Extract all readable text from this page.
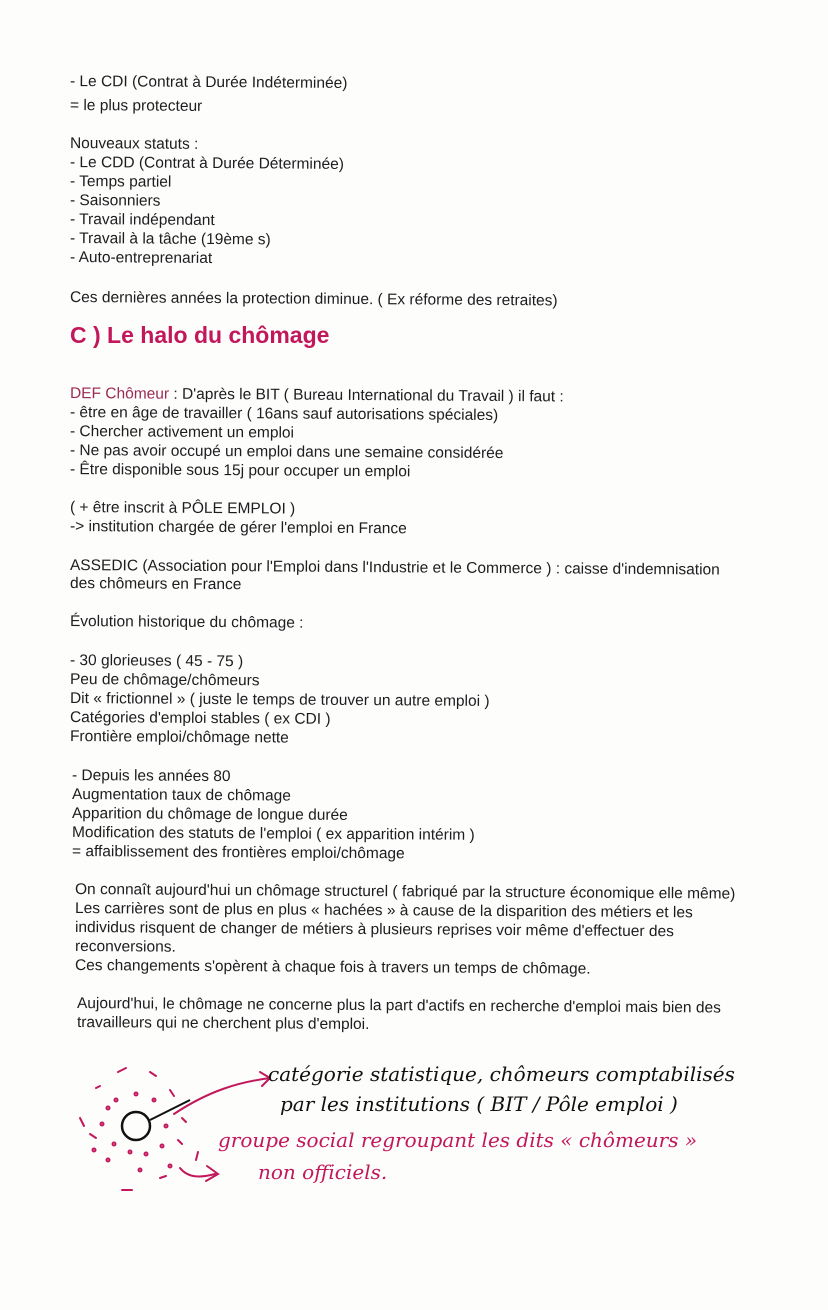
- Le CDI (Contrat à Durée Indéterminée)
= le plus protecteur
Nouveaux statuts :
- Le CDD (Contrat à Durée Déterminée)
- Temps partiel
- Saisonniers
- Travail indépendant
- Travail à la tâche (19ème s)
- Auto-entreprenariat
Ces dernières années la protection diminue. ( Ex réforme des retraites)
C ) Le halo du chômage
DEF Chômeur : D'après le BIT ( Bureau International du Travail ) il faut :
- être en âge de travailler ( 16ans sauf autorisations spéciales)
- Chercher activement un emploi
- Ne pas avoir occupé un emploi dans une semaine considérée
- Être disponible sous 15j pour occuper un emploi
( + être inscrit à PÔLE EMPLOI )
-> institution chargée de gérer l'emploi en France
ASSEDIC (Association pour l'Emploi dans l'Industrie et le Commerce ) : caisse d'indemnisation
des chômeurs en France
Évolution historique du chômage :
- 30 glorieuses ( 45 - 75 )
Peu de chômage/chômeurs
Dit « frictionnel » ( juste le temps de trouver un autre emploi )
Catégories d'emploi stables ( ex CDI )
Frontière emploi/chômage nette
- Depuis les années 80
Augmentation taux de chômage
Apparition du chômage de longue durée
Modification des statuts de l'emploi ( ex apparition intérim )
= affaiblissement des frontières emploi/chômage
On connaît aujourd'hui un chômage structurel ( fabriqué par la structure économique elle même)
Les carrières sont de plus en plus « hachées » à cause de la disparition des métiers et les
individus risquent de changer de métiers à plusieurs reprises voir même d'effectuer des
reconversions.
Ces changements s'opèrent à chaque fois à travers un temps de chômage.
Aujourd'hui, le chômage ne concerne plus la part d'actifs en recherche d'emploi mais bien des
travailleurs qui ne cherchent plus d'emploi.
catégorie statistique, chômeurs comptabilisés
par les institutions ( BIT / Pôle emploi )
groupe social regroupant les dits « chômeurs »
non officiels.
